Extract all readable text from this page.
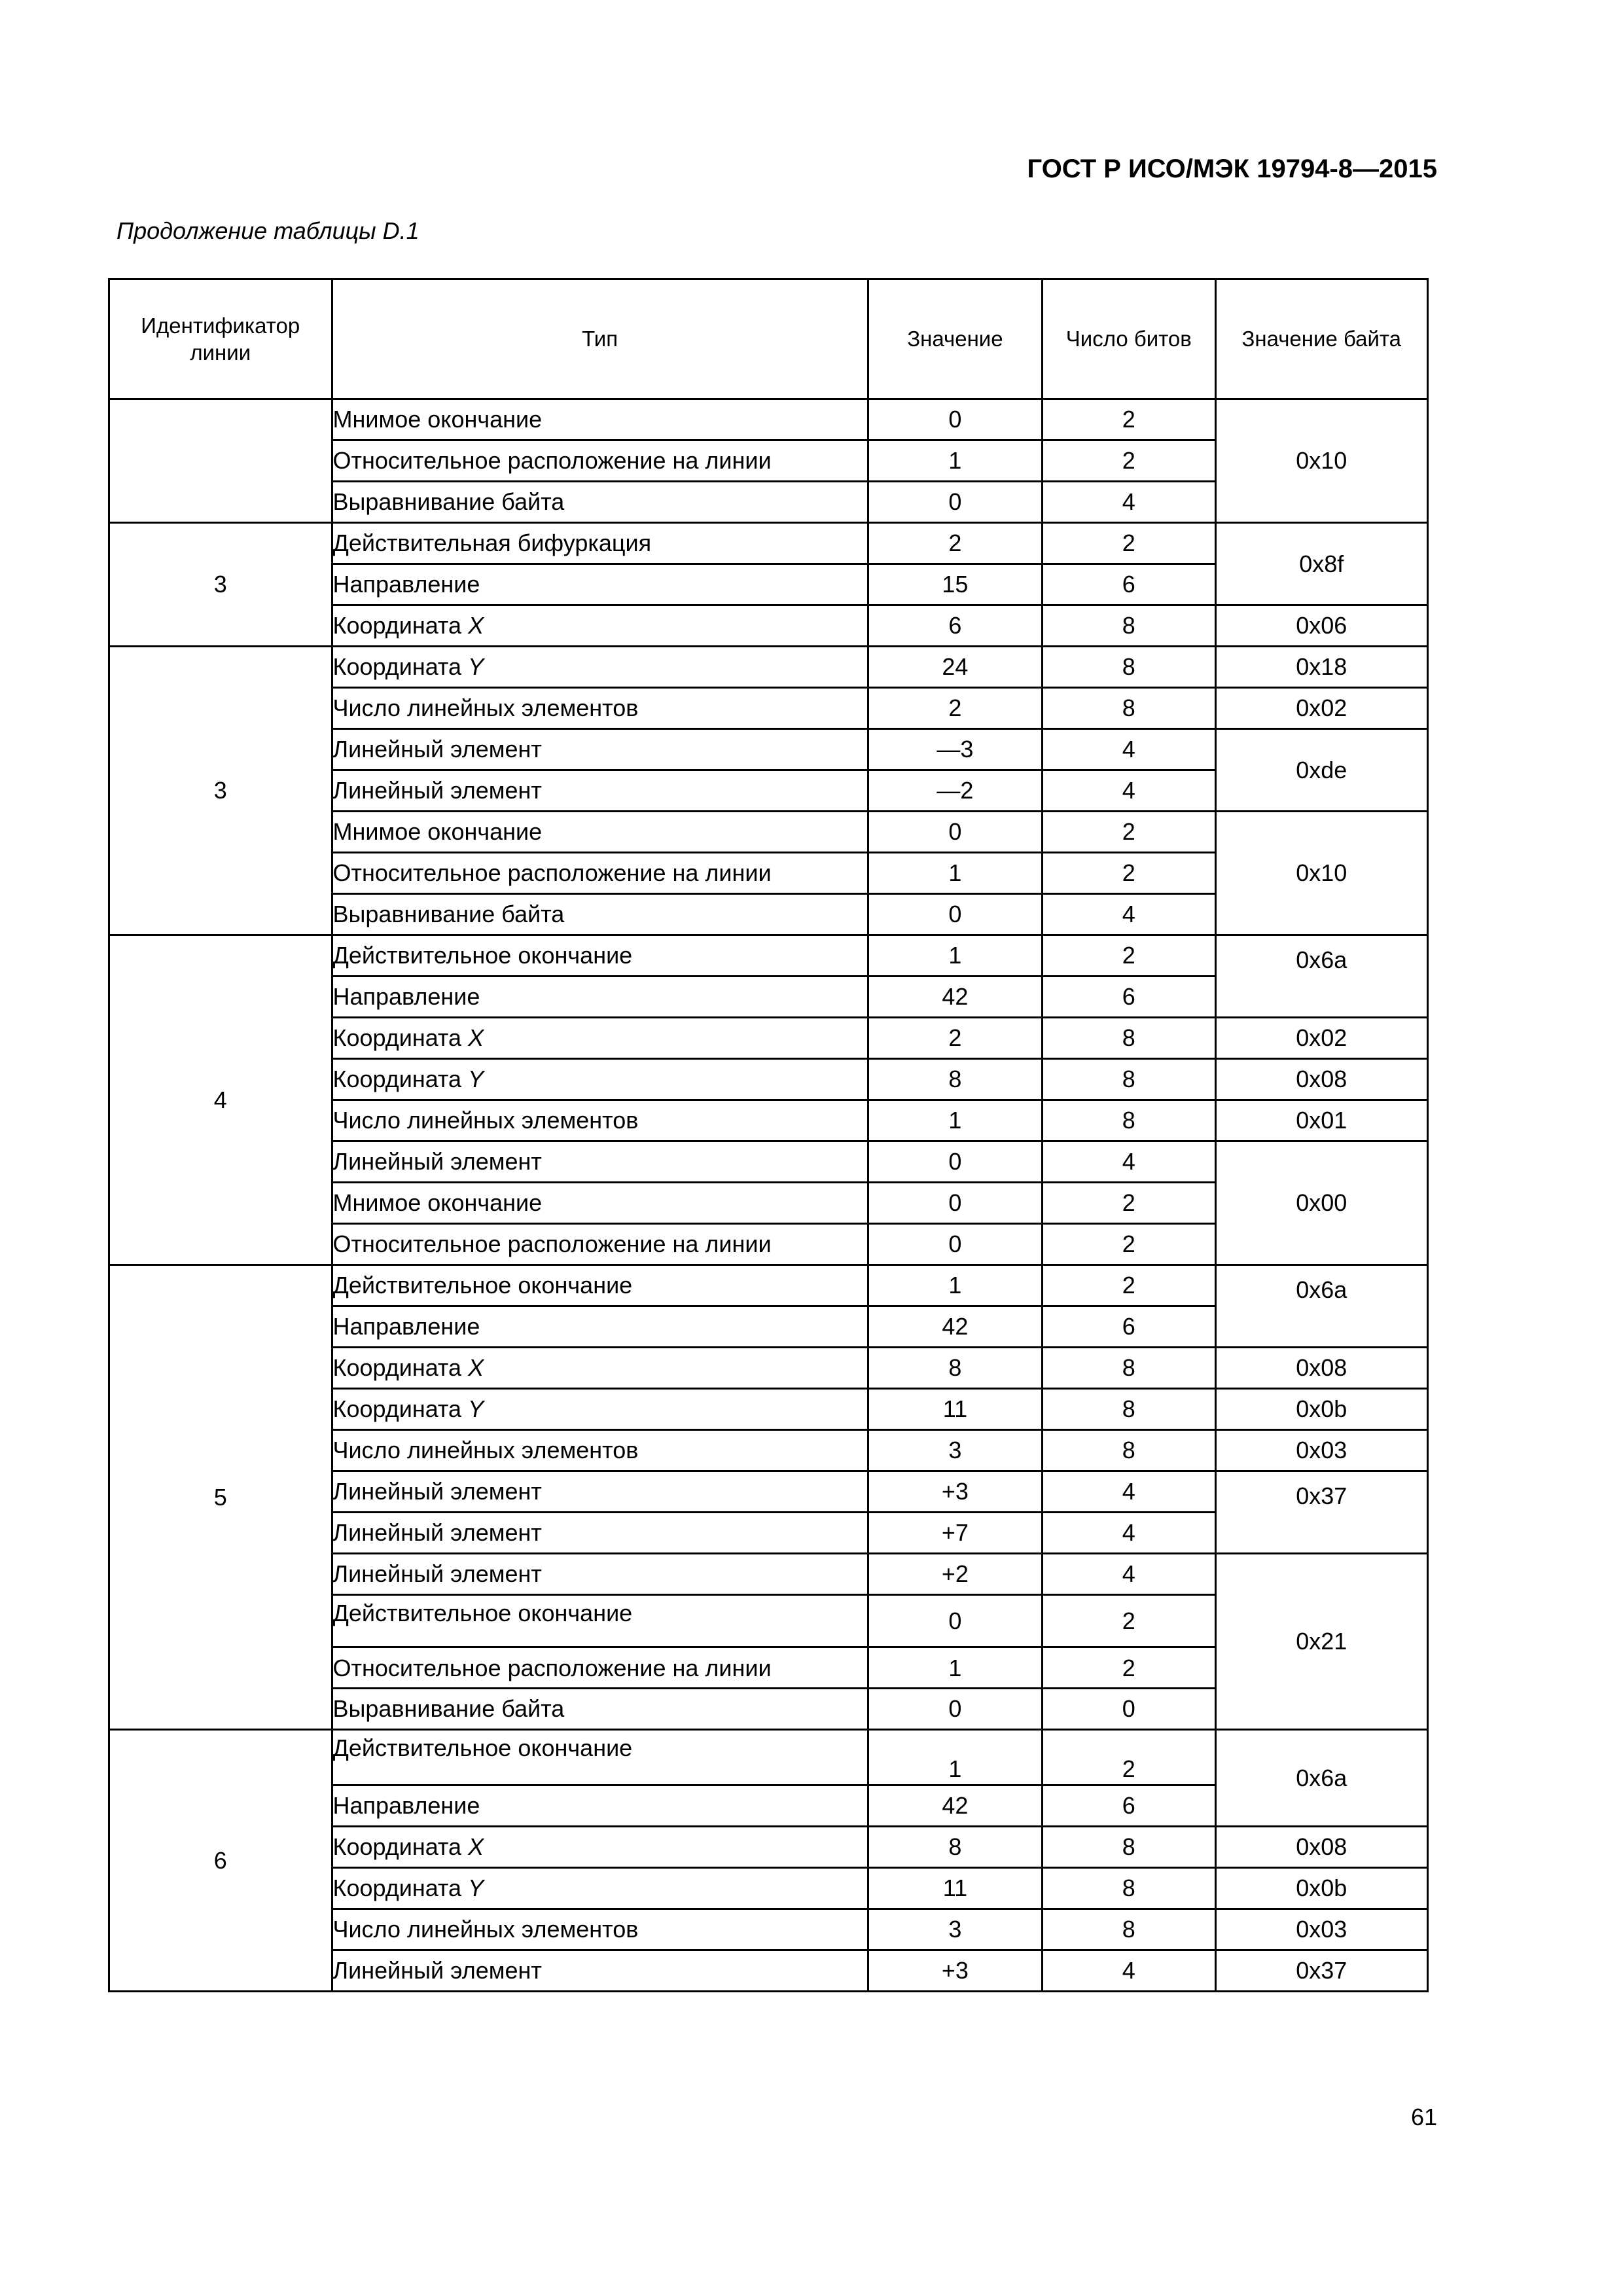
ГОСТ Р ИСО/МЭК 19794-8—2015
Продолжение таблицы D.1
Идентификатор линии	Тип	Значение	Число битов	Значение байта
	Мнимое окончание	0	2	0x10
	Относительное расположение на линии	1	2	
	Выравнивание байта	0	4	
3	Действительная бифуркация	2	2	0x8f
	Направление	15	6	
	Координата X	6	8	0x06
3	Координата Y	24	8	0x18
	Число линейных элементов	2	8	0x02
	Линейный элемент	—3	4	0xde
	Линейный элемент	—2	4	
	Мнимое окончание	0	2	0x10
	Относительное расположение на линии	1	2	
	Выравнивание байта	0	4	
4	Действительное окончание	1	2	0x6a
	Направление	42	6	
	Координата X	2	8	0x02
	Координата Y	8	8	0x08
	Число линейных элементов	1	8	0x01
	Линейный элемент	0	4	0x00
	Мнимое окончание	0	2	
	Относительное расположение на линии	0	2	
5	Действительное окончание	1	2	0x6a
	Направление	42	6	
	Координата X	8	8	0x08
	Координата Y	11	8	0x0b
	Число линейных элементов	3	8	0x03
	Линейный элемент	+3	4	0x37
	Линейный элемент	+7	4	
	Линейный элемент	+2	4	0x21
	Действительное окончание	0	2	
	Относительное расположение на линии	1	2	
	Выравнивание байта	0	0	
6	Действительное окончание	1	2	0x6a
	Направление	42	6	
	Координата X	8	8	0x08
	Координата Y	11	8	0x0b
	Число линейных элементов	3	8	0x03
	Линейный элемент	+3	4	0x37
61
